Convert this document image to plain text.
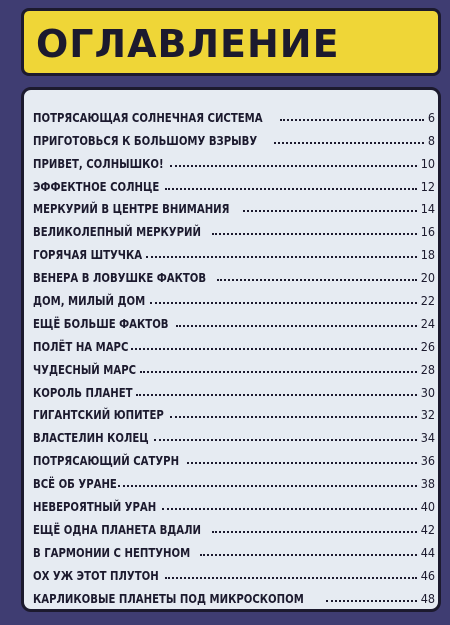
ОГЛАВЛЕНИЕ
ПОТРЯСАЮЩАЯ СОЛНЕЧНАЯ СИСТЕМА	6
ПРИГОТОВЬСЯ К БОЛЬШОМУ ВЗРЫВУ	8
ПРИВЕТ, СОЛНЫШКО!	10
ЭФФЕКТНОЕ СОЛНЦЕ	12
МЕРКУРИЙ В ЦЕНТРЕ ВНИМАНИЯ	14
ВЕЛИКОЛЕПНЫЙ МЕРКУРИЙ	16
ГОРЯЧАЯ ШТУЧКА	18
ВЕНЕРА В ЛОВУШКЕ ФАКТОВ	20
ДОМ, МИЛЫЙ ДОМ	22
ЕЩЁ БОЛЬШЕ ФАКТОВ	24
ПОЛЁТ НА МАРС	26
ЧУДЕСНЫЙ МАРС	28
КОРОЛЬ ПЛАНЕТ	30
ГИГАНТСКИЙ ЮПИТЕР	32
ВЛАСТЕЛИН КОЛЕЦ	34
ПОТРЯСАЮЩИЙ САТУРН	36
ВСЁ ОБ УРАНЕ	38
НЕВЕРОЯТНЫЙ УРАН	40
ЕЩЁ ОДНА ПЛАНЕТА ВДАЛИ	42
В ГАРМОНИИ С НЕПТУНОМ	44
ОХ УЖ ЭТОТ ПЛУТОН	46
КАРЛИКОВЫЕ ПЛАНЕТЫ ПОД МИКРОСКОПОМ	48
